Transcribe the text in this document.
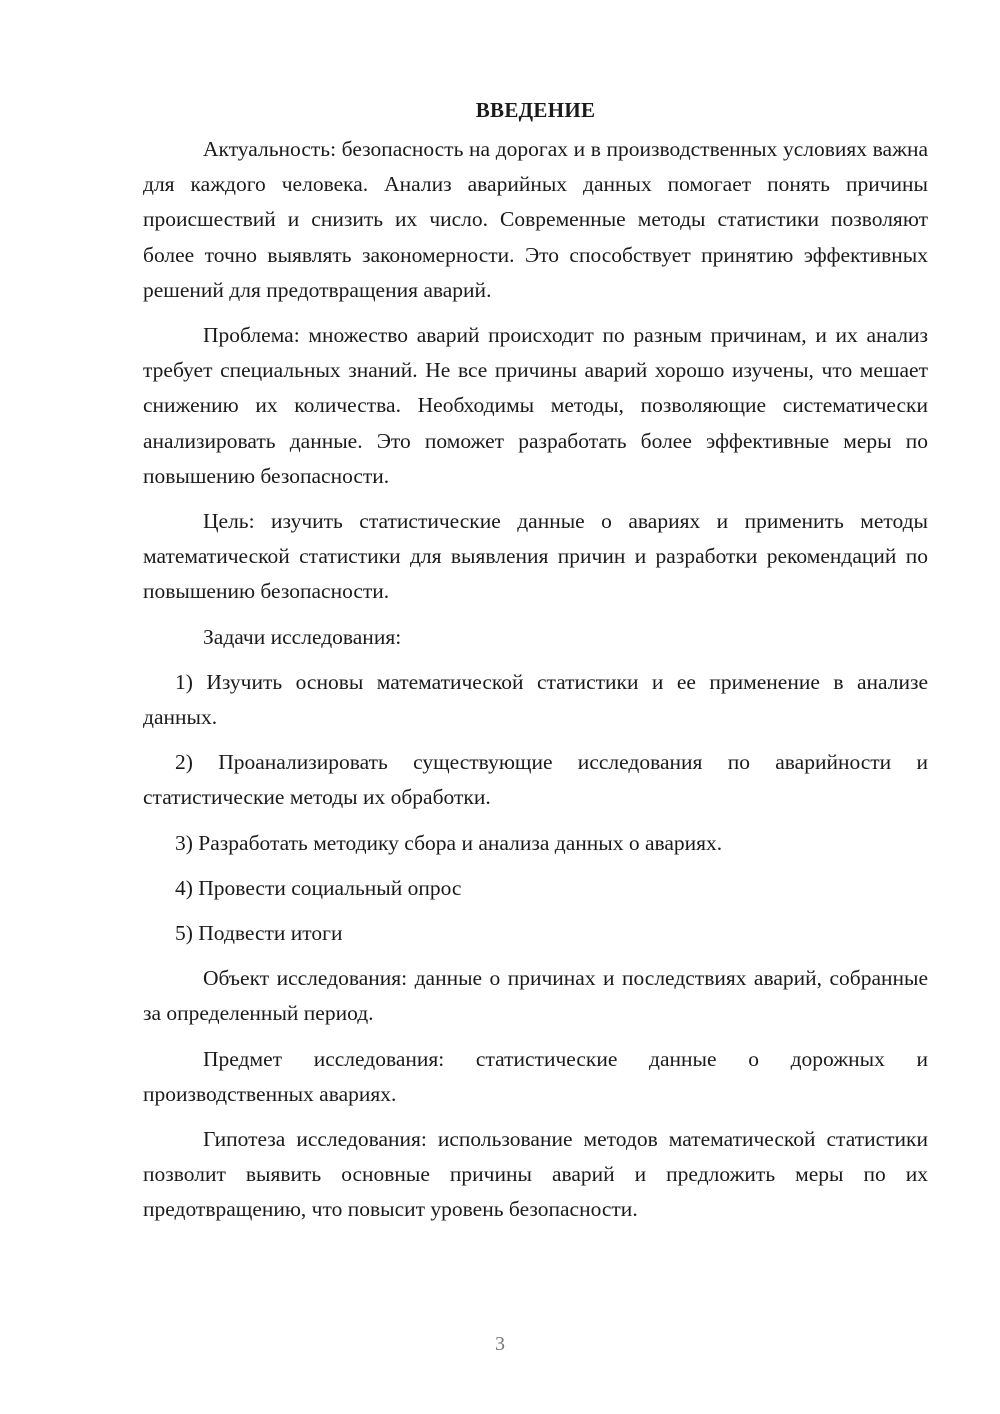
ВВЕДЕНИЕ

Актуальность: безопасность на дорогах и в производственных условиях важна для каждого человека. Анализ аварийных данных помогает понять причины происшествий и снизить их число. Современные методы статистики позволяют более точно выявлять закономерности. Это способствует принятию эффективных решений для предотвращения аварий.

Проблема: множество аварий происходит по разным причинам, и их анализ требует специальных знаний. Не все причины аварий хорошо изучены, что мешает снижению их количества. Необходимы методы, позволяющие систематически анализировать данные. Это поможет разработать более эффективные меры по повышению безопасности.

Цель: изучить статистические данные о авариях и применить методы математической статистики для выявления причин и разработки рекомендаций по повышению безопасности.

Задачи исследования:

1) Изучить основы математической статистики и ее применение в анализе данных.

2) Проанализировать существующие исследования по аварийности и статистические методы их обработки.

3) Разработать методику сбора и анализа данных о авариях.

4) Провести социальный опрос

5) Подвести итоги

Объект исследования: данные о причинах и последствиях аварий, собранные за определенный период.

Предмет исследования: статистические данные о дорожных и производственных авариях.

Гипотеза исследования: использование методов математической статистики позволит выявить основные причины аварий и предложить меры по их предотвращению, что повысит уровень безопасности.

3
